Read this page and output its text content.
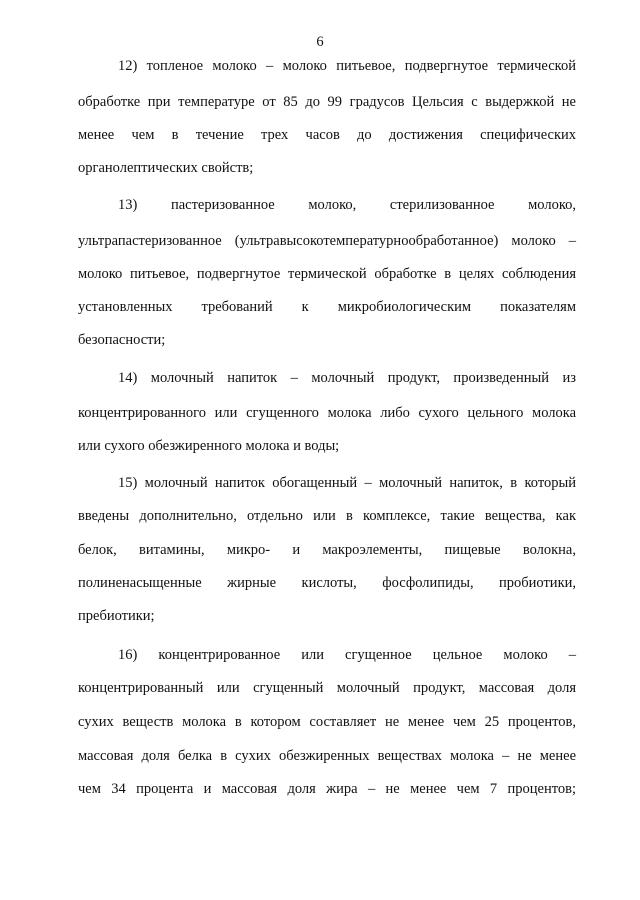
6
12) топленое молоко – молоко питьевое, подвергнутое термической
обработке при температуре от 85 до 99 градусов Цельсия с выдержкой не
менее чем в течение трех часов до достижения специфических
органолептических свойств;
13) пастеризованное молоко, стерилизованное молоко,
ультрапастеризованное (ультравысокотемпературнообработанное) молоко –
молоко питьевое, подвергнутое термической обработке в целях соблюдения
установленных требований к микробиологическим показателям
безопасности;
14) молочный напиток – молочный продукт, произведенный из
концентрированного или сгущенного молока либо сухого цельного молока
или сухого обезжиренного молока и воды;
15) молочный напиток обогащенный – молочный напиток, в который
введены дополнительно, отдельно или в комплексе, такие вещества, как
белок, витамины, микро- и макроэлементы, пищевые волокна,
полиненасыщенные жирные кислоты, фосфолипиды, пробиотики,
пребиотики;
16) концентрированное или сгущенное цельное молоко –
концентрированный или сгущенный молочный продукт, массовая доля
сухих веществ молока в котором составляет не менее чем 25 процентов,
массовая доля белка в сухих обезжиренных веществах молока – не менее
чем 34 процента и массовая доля жира – не менее чем 7 процентов;
